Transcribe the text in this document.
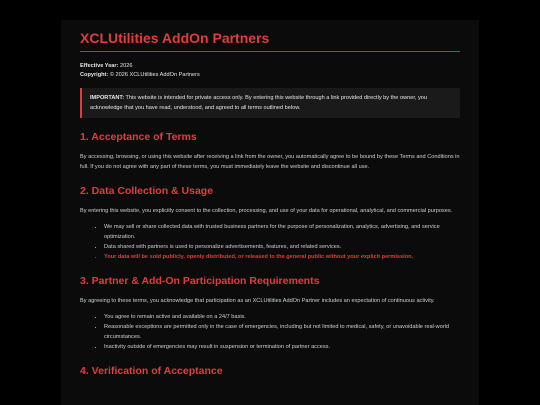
XCLUtilities AddOn Partners
Effective Year: 2026
Copyright: © 2026 XCLUtilities AddOn Partners
IMPORTANT: This website is intended for private access only. By entering this website through a link provided directly by the owner, you acknowledge that you have read, understood, and agreed to all terms outlined below.
1. Acceptance of Terms

By accessing, browsing, or using this website after receiving a link from the owner, you automatically agree to be bound by these Terms and Conditions in full. If you do not agree with any part of these terms, you must immediately leave the website and discontinue all use.

2. Data Collection & Usage

By entering this website, you explicitly consent to the collection, processing, and use of your data for operational, analytical, and commercial purposes.

• We may sell or share collected data with trusted business partners for the purpose of personalization, analytics, advertising, and service optimization.
• Data shared with partners is used to personalize advertisements, features, and related services.
• Your data will be sold publicly, openly distributed, or released to the general public without your explicit permission.
3. Partner & Add-On Participation Requirements

By agreeing to these terms, you acknowledge that participation as an XCLUtilities AddOn Partner includes an expectation of continuous activity.

• You agree to remain active and available on a 24/7 basis.
• Reasonable exceptions are permitted only in the case of emergencies, including but not limited to medical, safety, or unavoidable real-world circumstances.
• Inactivity outside of emergencies may result in suspension or termination of partner access.
4. Verification of Acceptance
